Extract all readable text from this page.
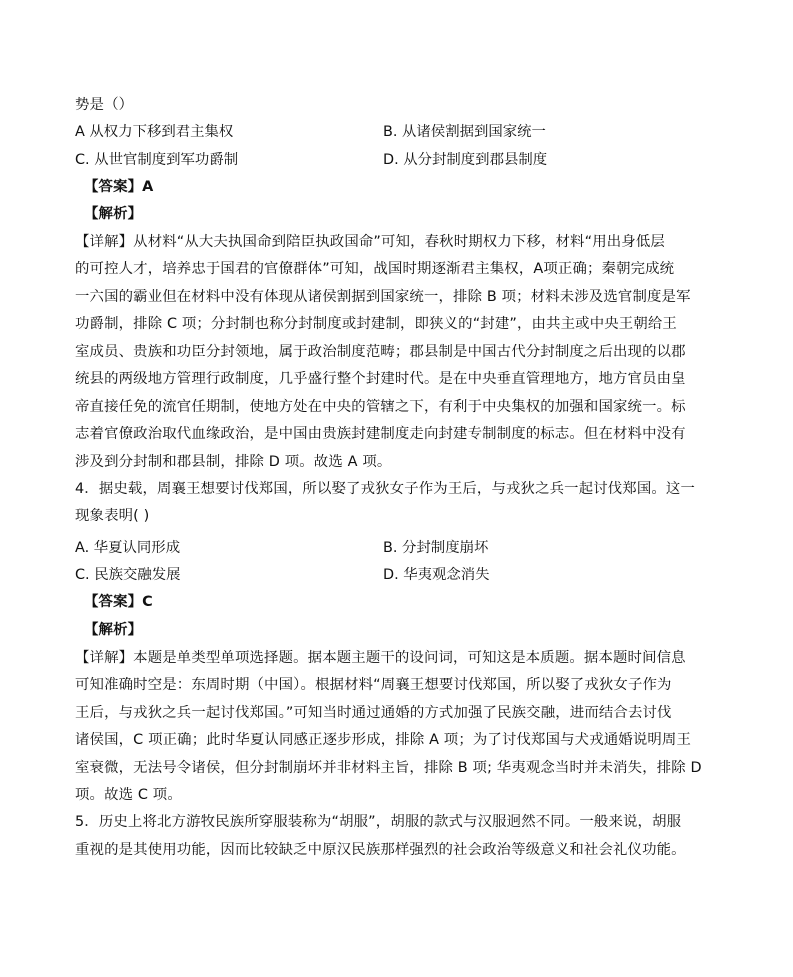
势是（）
A 从权力下移到君主集权	B. 从诸侯割据到国家统一
C. 从世官制度到军功爵制	D. 从分封制度到郡县制度
【答案】A
【解析】
【详解】从材料“从大夫执国命到陪臣执政国命”可知，春秋时期权力下移，材料“用出身低层
的可控人才，培养忠于国君的官僚群体”可知，战国时期逐渐君主集权，A项正确；秦朝完成统
一六国的霸业但在材料中没有体现从诸侯割据到国家统一，排除 B 项；材料未涉及选官制度是军
功爵制，排除 C 项；分封制也称分封制度或封建制，即狭义的“封建”，由共主或中央王朝给王
室成员、贵族和功臣分封领地，属于政治制度范畴；郡县制是中国古代分封制度之后出现的以郡
统县的两级地方管理行政制度，几乎盛行整个封建时代。是在中央垂直管理地方，地方官员由皇
帝直接任免的流官任期制，使地方处在中央的管辖之下，有利于中央集权的加强和国家统一。标
志着官僚政治取代血缘政治，是中国由贵族封建制度走向封建专制制度的标志。但在材料中没有
涉及到分封制和郡县制，排除 D 项。故选 A 项。
4．据史载，周襄王想要讨伐郑国，所以娶了戎狄女子作为王后，与戎狄之兵一起讨伐郑国。这一
现象表明( )
A. 华夏认同形成	B. 分封制度崩坏
C. 民族交融发展	D. 华夷观念消失
【答案】C
【解析】
【详解】本题是单类型单项选择题。据本题主题干的设问词，可知这是本质题。据本题时间信息
可知准确时空是：东周时期（中国）。根据材料“周襄王想要讨伐郑国，所以娶了戎狄女子作为
王后，与戎狄之兵一起讨伐郑国。”可知当时通过通婚的方式加强了民族交融，进而结合去讨伐
诸侯国，C 项正确；此时华夏认同感正逐步形成，排除 A 项；为了讨伐郑国与犬戎通婚说明周王
室衰微，无法号令诸侯，但分封制崩坏并非材料主旨，排除 B 项; 华夷观念当时并未消失，排除 D
项。故选 C 项。
5．历史上将北方游牧民族所穿服装称为“胡服”，胡服的款式与汉服迥然不同。一般来说，胡服
重视的是其使用功能，因而比较缺乏中原汉民族那样强烈的社会政治等级意义和社会礼仪功能。
